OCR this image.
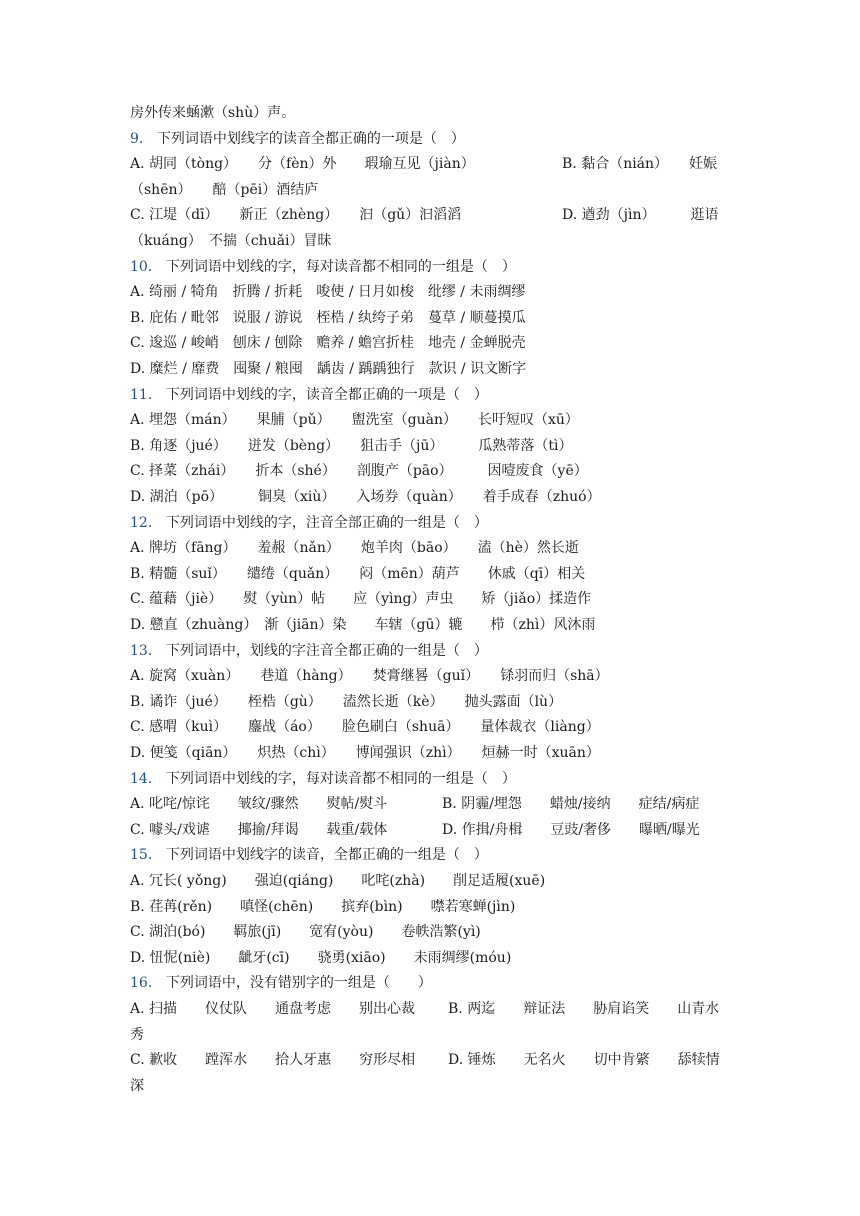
房外传来蜬漱（shù）声。
9． 下列词语中划线字的读音全都正确的一项是（　）
A. 胡同（tòng）　　分（fèn）外　　瑕瑜互见（jiàn）	B. 黏合（nián）　　妊娠
（shēn）　　醅（pēi）酒结庐
C. 江堤（dī）　　新正（zhèng）　　汩（gǔ）汩滔滔	D. 遒劲（jìn）　　　逛语
（kuáng）　不揣（chuǎi）冒昧
10． 下列词语中划线的字，每对读音都不相同的一组是（　）
A. 绮丽 / 犄角　折腾 / 折耗　唆使 / 日月如梭　纰缪 / 未雨绸缪
B. 庇佑 / 毗邻　说服 / 游说　桎梏 / 纨绔子弟　蔓草 / 顺蔓摸瓜
C. 逡巡 / 峻峭　刨床 / 刨除　赡养 / 蟾宫折桂　地壳 / 金蝉脱壳
D. 糜烂 / 靡费　囤聚 / 粮囤　龋齿 / 踽踽独行　款识 / 识文断字
11． 下列词语中划线的字，读音全都正确的一项是（　）
A. 埋怨（mán）　　果脯（pǔ）　　盥洗室（guàn）　　长吁短叹（xū）
B. 角逐（jué）　　迸发（bèng）　　狙击手（jū）　　　瓜熟蒂落（tì）
C. 择菜（zhái）　　折本（shé）　　剖腹产（pāo）　　　因噎废食（yē）
D. 湖泊（pō）　　　铜臭（xiù）　　入场券（quàn）　　着手成春（zhuó）
12． 下列词语中划线的字，注音全部正确的一组是（　）
A. 牌坊（fāng）　　羞赧（nǎn）　　炮羊肉（bāo）　　溘（hè）然长逝
B. 精髓（suǐ）　　缱绻（quǎn）　　闷（mēn）葫芦　　休戚（qī）相关
C. 蕴藉（jiè）　　熨（yùn）帖　　应（yìng）声虫　　矫（jiǎo）揉造作
D. 戆直（zhuàng）　渐（jiān）染　　车辖（gū）辘　　栉（zhì）风沐雨
13． 下列词语中，划线的字注音全都正确的一组是（　）
A. 旋窝（xuàn）　　巷道（hàng）　　焚膏继晷（guǐ）　　铩羽而归（shā）
B. 谲诈（jué）　　桎梏（gù）　　溘然长逝（kè）　　抛头露面（lù）
C. 感喟（kuì）　　鏖战（áo）　　脸色刷白（shuā）　　量体裁衣（liàng）
D. 便笺（qiān）　　炽热（chì）　　博闻强识（zhì）　　烜赫一时（xuān）
14． 下列词语中划线的字，每对读音都不相同的一组是（　）
A. 叱咤/惊诧　　皱纹/骤然　　熨帖/熨斗	B. 阴霾/埋怨　　蜡烛/接纳　　症结/病症
C. 噱头/戏谑　　揶揄/拜谒　　载重/载体	D. 作揖/舟楫　　豆豉/奢侈　　曝晒/曝光
15． 下列词语中划线字的读音，全都正确的一组是（　）
A. 冗长( yǒng)　　强迫(qiáng)　　叱咤(zhà)　　削足适履(xuē)
B. 荏苒(rěn)　　嗔怪(chēn)　　摈弃(bìn)　　噤若寒蝉(jìn)
C. 湖泊(bó)　　羁旅(jī)　　宽宥(yòu)　　卷帙浩繁(yì)
D. 忸怩(niè)　　龇牙(cī)　　骁勇(xiāo)　　未雨绸缪(móu)
16． 下列词语中，没有错别字的一组是（　　）
A. 扫描　　仪仗队　　通盘考虑　　别出心裁 B. 两迄　　辩证法　　胁肩谄笑　　山青水
秀
C. 歉收　　蹚浑水　　拾人牙惠　　穷形尽相 D. 锤炼　　无名火　　切中肯綮　　舔犊情
深
